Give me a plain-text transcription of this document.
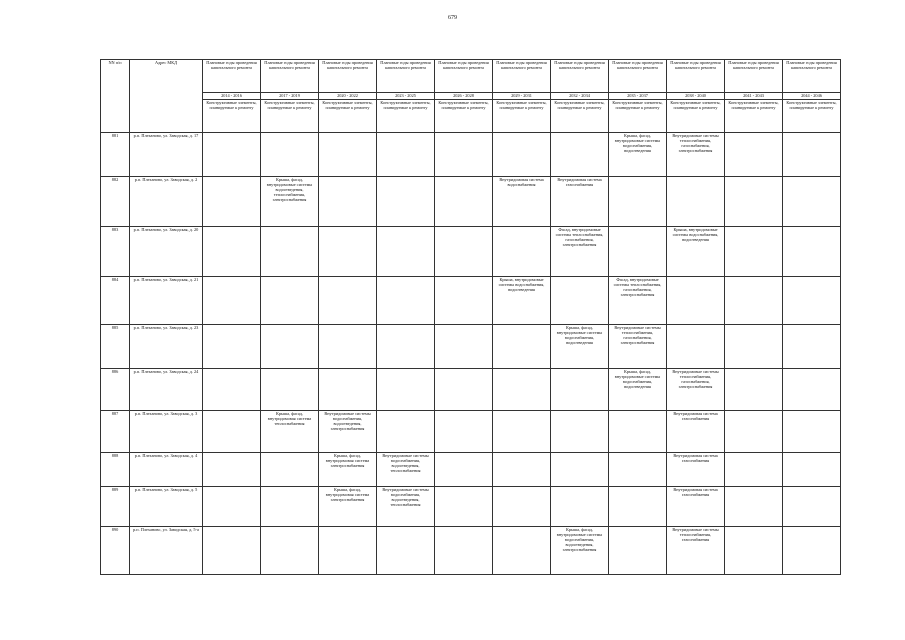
679
NN п/п	Адрес МКД	Плановые годы проведения капитального ремонта	Плановые годы проведения капитального ремонта	Плановые годы проведения капитального ремонта	Плановые годы проведения капитального ремонта	Плановые годы проведения капитального ремонта	Плановые годы проведения капитального ремонта	Плановые годы проведения капитального ремонта	Плановые годы проведения капитального ремонта	Плановые годы проведения капитального ремонта	Плановые годы проведения капитального ремонта	Плановые годы проведения капитального ремонта
		2014 - 2016	2017 - 2019	2020 - 2022	2023 - 2025	2026 - 2028	2029 - 2031	2032 - 2034	2035 - 2037	2038 - 2040	2041 - 2043	2044 - 2046
		Конструктивные элементы, планируемые к ремонту	Конструктивные элементы, планируемые к ремонту	Конструктивные элементы, планируемые к ремонту	Конструктивные элементы, планируемые к ремонту	Конструктивные элементы, планируемые к ремонту	Конструктивные элементы, планируемые к ремонту	Конструктивные элементы, планируемые к ремонту	Конструктивные элементы, планируемые к ремонту	Конструктивные элементы, планируемые к ремонту	Конструктивные элементы, планируемые к ремонту	Конструктивные элементы, планируемые к ремонту
881	р.п. Плеханово, ул. Заводская, д. 17								Крыша, фасад, внутридомовые системы водоснабжения, водоотведения	Внутридомовые системы теплоснабжения, газоснабжения, электроснабжения		
882	р.п. Плеханово, ул. Заводская, д. 2		Крыша, фасад, внутридомовые системы водоотведения, теплоснабжения, электроснабжения				Внутридомовая система водоснабжения	Внутридомовая система газоснабжения				
883	р.п. Плеханово, ул. Заводская, д. 20							Фасад, внутридомовые системы теплоснабжения, газоснабжения, электроснабжения		Крыша, внутридомовые системы водоснабжения, водоотведения		
884	р.п. Плеханово, ул. Заводская, д. 21						Крыша, внутридомовые системы водоснабжения, водоотведения		Фасад, внутридомовые системы теплоснабжения, газоснабжения, электроснабжения			
885	р.п. Плеханово, ул. Заводская, д. 23							Крыша, фасад, внутридомовые системы водоснабжения, водоотведения	Внутридомовые системы теплоснабжения, газоснабжения, электроснабжения			
886	р.п. Плеханово, ул. Заводская, д. 24								Крыша, фасад, внутридомовые системы водоснабжения, водоотведения	Внутридомовые системы теплоснабжения, газоснабжения, электроснабжения		
887	р.п. Плеханово, ул. Заводская, д. 3		Крыша, фасад, внутридомовая система теплоснабжения	Внутридомовые системы водоснабжения, водоотведения, электроснабжения						Внутридомовая система газоснабжения		
888	р.п. Плеханово, ул. Заводская, д. 4			Крыша, фасад, внутридомовая система электроснабжения	Внутридомовые системы водоснабжения, водоотведения, теплоснабжения					Внутридомовая система газоснабжения		
889	р.п. Плеханово, ул. Заводская, д. 5			Крыша, фасад, внутридомовая система электроснабжения	Внутридомовые системы водоснабжения, водоотведения, теплоснабжения					Внутридомовая система газоснабжения		
890	р.п. Плеханово, ул. Заводская, д. 5-а							Крыша, фасад, внутридомовые системы водоснабжения, водоотведения, электроснабжения		Внутридомовые системы теплоснабжения, газоснабжения		
